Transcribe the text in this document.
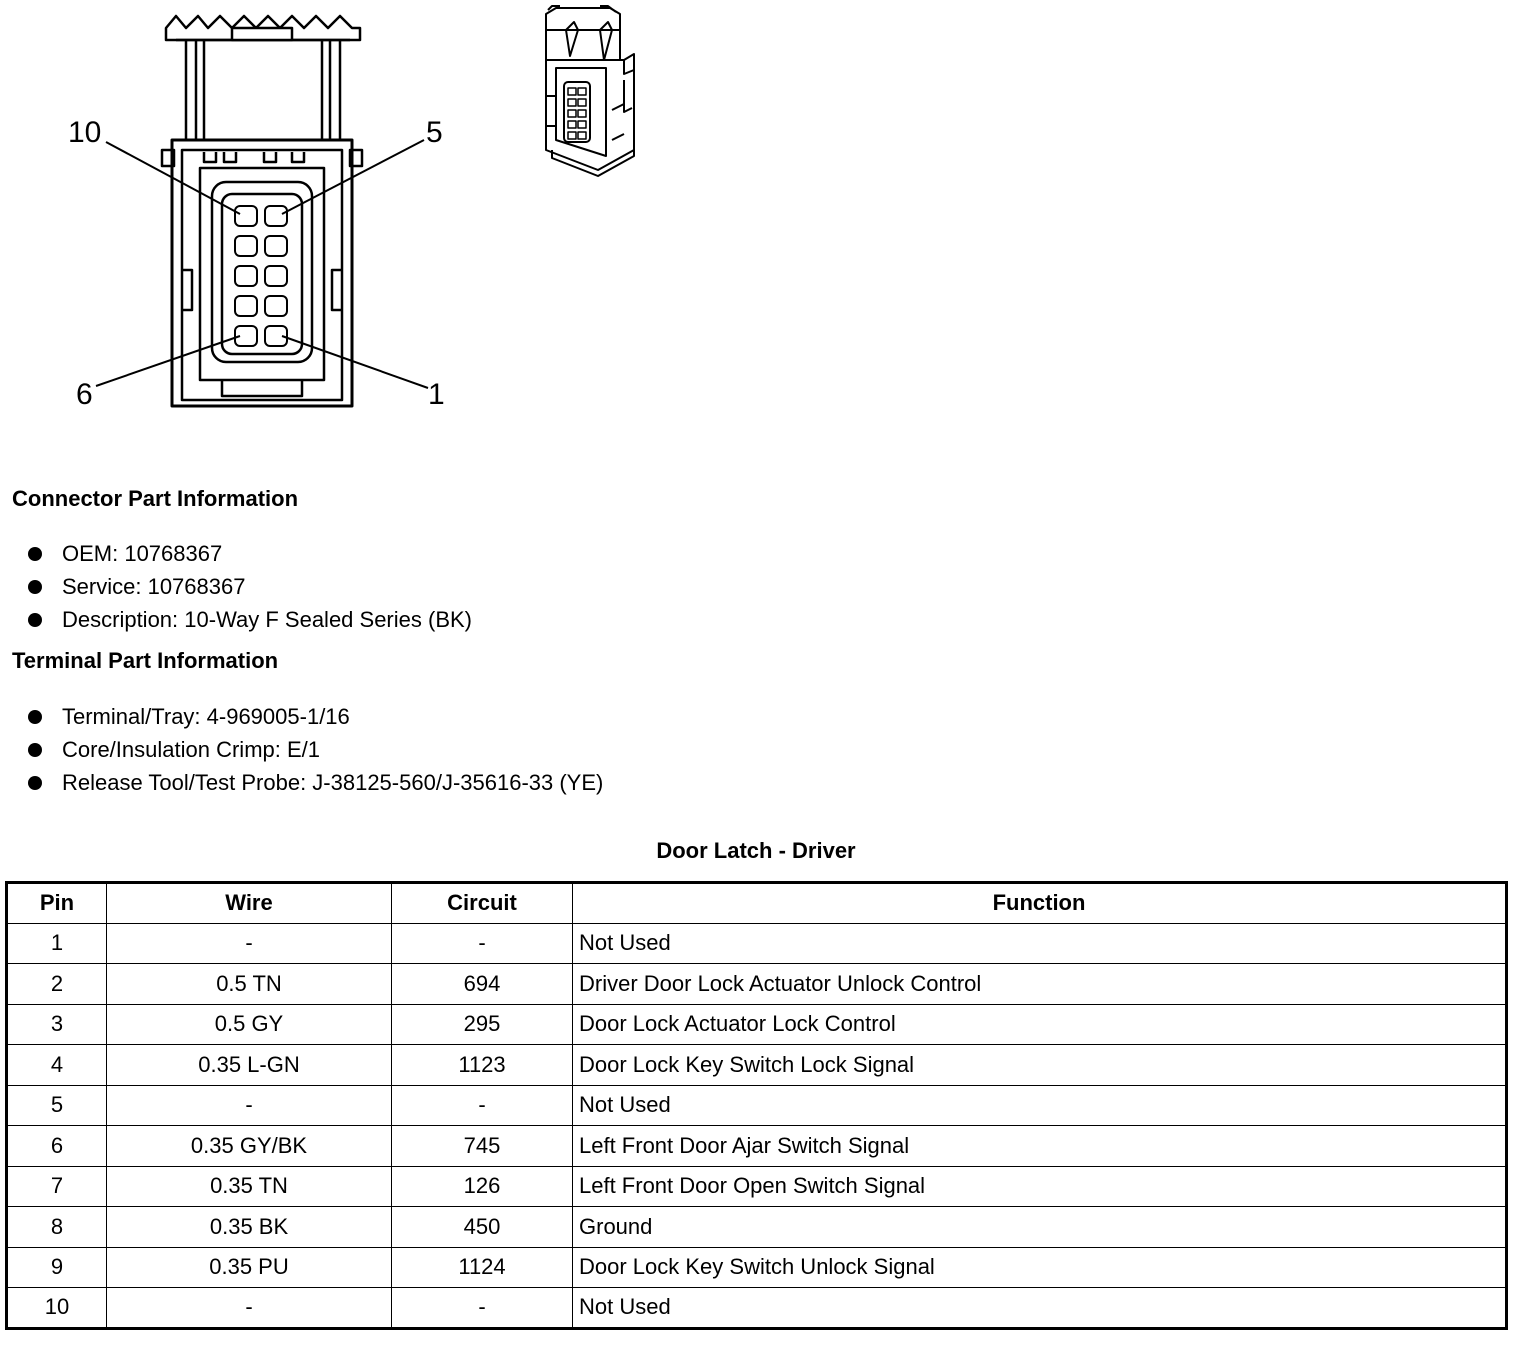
10	5
6	1
Connector Part Information
OEM: 10768367
Service: 10768367
Description: 10-Way F Sealed Series (BK)
Terminal Part Information
Terminal/Tray: 4-969005-1/16
Core/Insulation Crimp: E/1
Release Tool/Test Probe: J-38125-560/J-35616-33 (YE)
Door Latch - Driver
Pin	Wire	Circuit	Function
1	-	-	Not Used
2	0.5 TN	694	Driver Door Lock Actuator Unlock Control
3	0.5 GY	295	Door Lock Actuator Lock Control
4	0.35 L-GN	1123	Door Lock Key Switch Lock Signal
5	-	-	Not Used
6	0.35 GY/BK	745	Left Front Door Ajar Switch Signal
7	0.35 TN	126	Left Front Door Open Switch Signal
8	0.35 BK	450	Ground
9	0.35 PU	1124	Door Lock Key Switch Unlock Signal
10	-	-	Not Used
